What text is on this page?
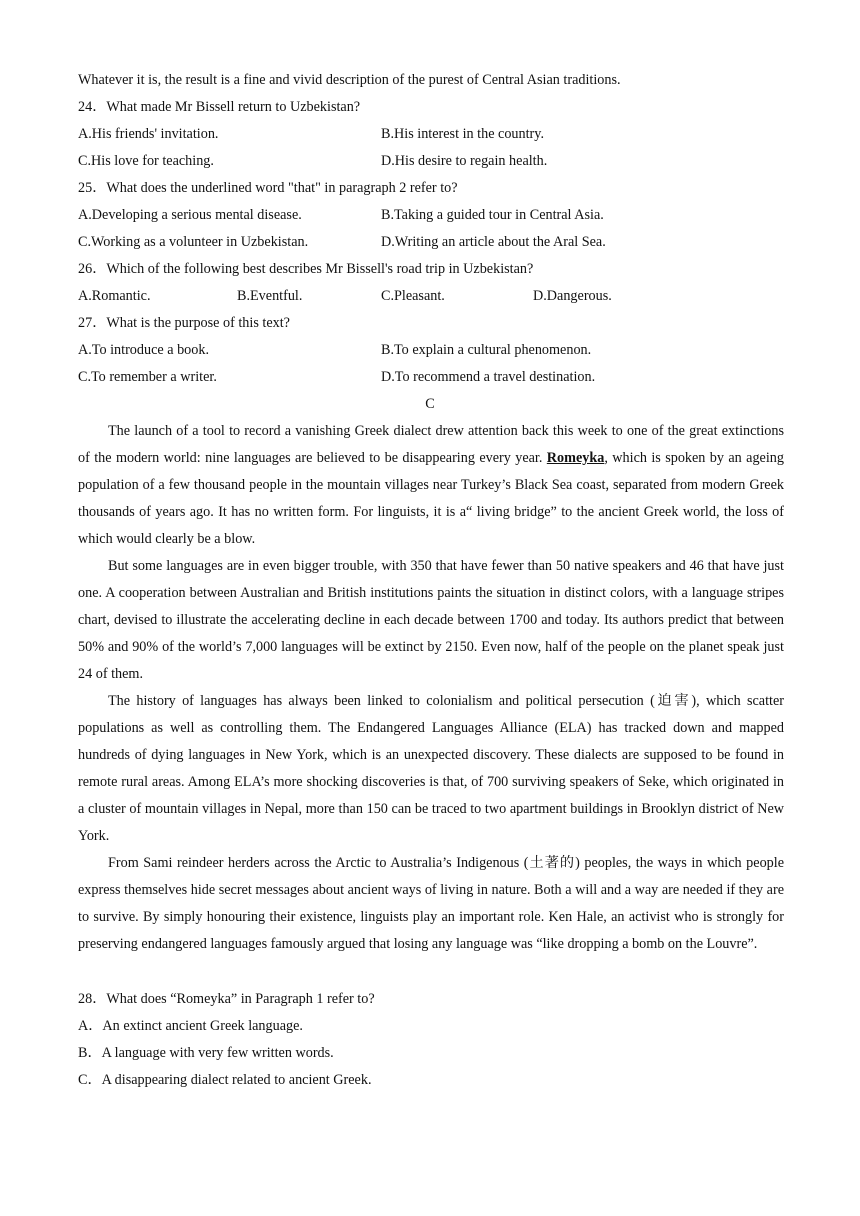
Whatever it is, the result is a fine and vivid description of the purest of Central Asian traditions.

24．What made Mr Bissell return to Uzbekistan?

A.His friends' invitation.	B.His interest in the country.

C.His love for teaching.	D.His desire to regain health.

25．What does the underlined word "that" in paragraph 2 refer to?

A.Developing a serious mental disease.	B.Taking a guided tour in Central Asia.

C.Working as a volunteer in Uzbekistan.	D.Writing an article about the Aral Sea.

26．Which of the following best describes Mr Bissell's road trip in Uzbekistan?

A.Romantic.	B.Eventful.	C.Pleasant.	D.Dangerous.

27．What is the purpose of this text?

A.To introduce a book.	B.To explain a cultural phenomenon.

C.To remember a writer.	D.To recommend a travel destination.

C

The launch of a tool to record a vanishing Greek dialect drew attention back this week to one of the great extinctions of the modern world: nine languages are believed to be disappearing every year. Romeyka, which is spoken by an ageing population of a few thousand people in the mountain villages near Turkey’s Black Sea coast, separated from modern Greek thousands of years ago. It has no written form. For linguists, it is a“ living bridge” to the ancient Greek world, the loss of which would clearly be a blow.

But some languages are in even bigger trouble, with 350 that have fewer than 50 native speakers and 46 that have just one. A cooperation between Australian and British institutions paints the situation in distinct colors, with a language stripes chart, devised to illustrate the accelerating decline in each decade between 1700 and today. Its authors predict that between 50% and 90% of the world’s 7,000 languages will be extinct by 2150. Even now, half of the people on the planet speak just 24 of them.

The history of languages has always been linked to colonialism and political persecution (迫害), which scatter populations as well as controlling them. The Endangered Languages Alliance (ELA) has tracked down and mapped hundreds of dying languages in New York, which is an unexpected discovery. These dialects are supposed to be found in remote rural areas. Among ELA’s more shocking discoveries is that, of 700 surviving speakers of Seke, which originated in a cluster of mountain villages in Nepal, more than 150 can be traced to two apartment buildings in Brooklyn district of New York.

From Sami reindeer herders across the Arctic to Australia’s Indigenous (土著的) peoples, the ways in which people express themselves hide secret messages about ancient ways of living in nature. Both a will and a way are needed if they are to survive. By simply honouring their existence, linguists play an important role. Ken Hale, an activist who is strongly for preserving endangered languages famously argued that losing any language was “like dropping a bomb on the Louvre”.

28．What does “Romeyka” in Paragraph 1 refer to?

A．An extinct ancient Greek language.

B．A language with very few written words.

C．A disappearing dialect related to ancient Greek.
